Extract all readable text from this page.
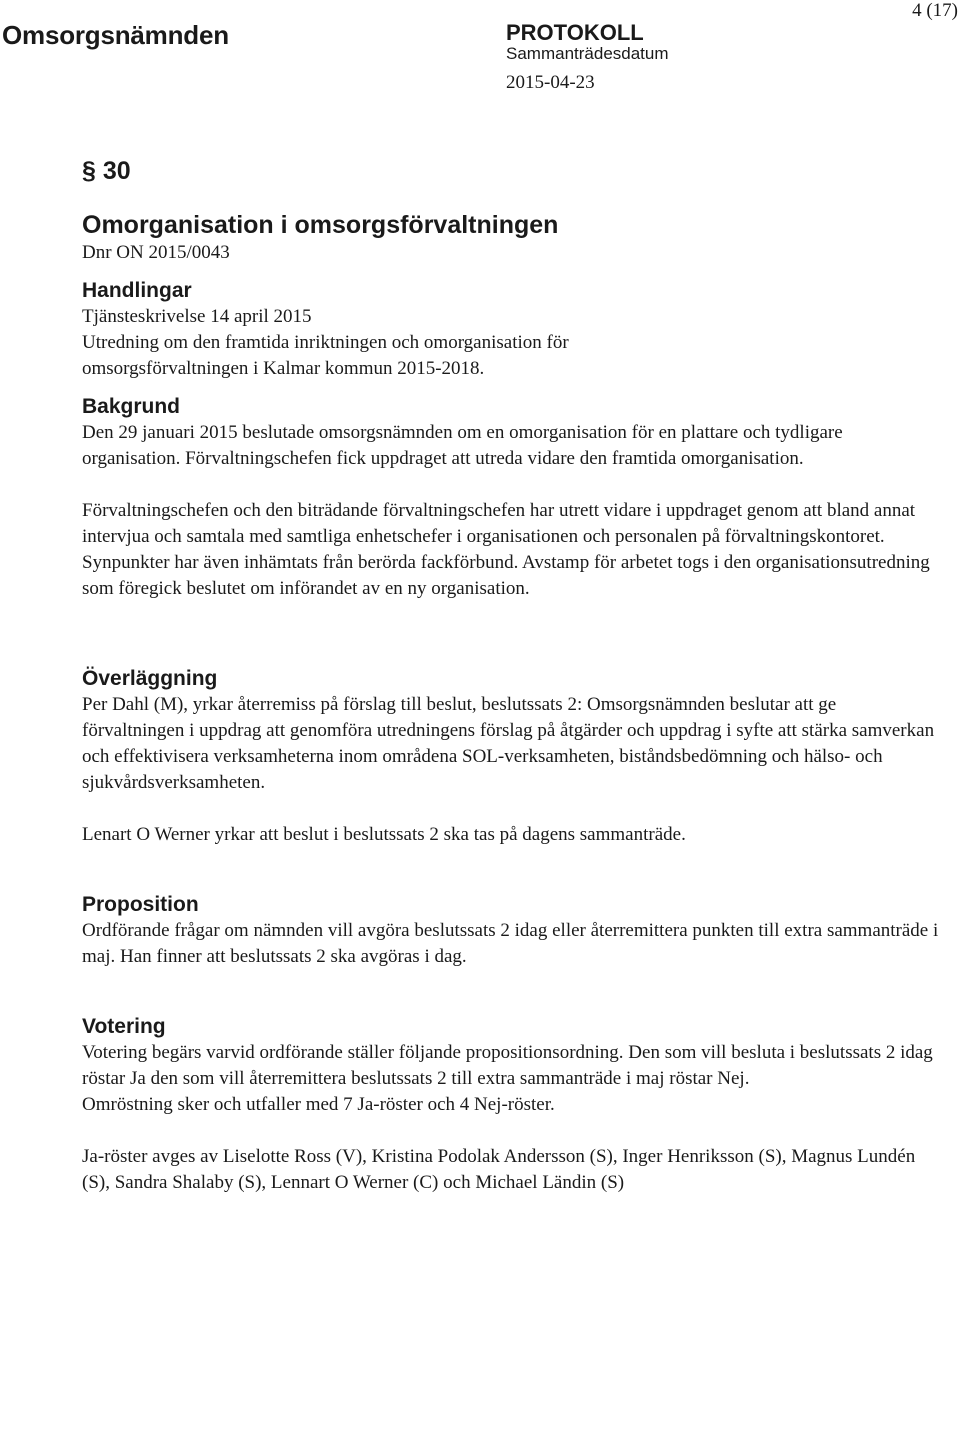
Omsorgsnämnden	PROTOKOLL
Sammanträdesdatum
2015-04-23
4 (17)
§ 30
Omorganisation i omsorgsförvaltningen
Dnr ON 2015/0043
Handlingar

Tjänsteskrivelse 14 april 2015

Utredning om den framtida inriktningen och omorganisation för

omsorgsförvaltningen i Kalmar kommun 2015-2018.

Bakgrund

Den 29 januari 2015 beslutade omsorgsnämnden om en omorganisation för en plattare och tydligare organisation. Förvaltningschefen fick uppdraget att utreda vidare den framtida omorganisation.

Förvaltningschefen och den biträdande förvaltningschefen har utrett vidare i uppdraget genom att bland annat intervjua och samtala med samtliga enhetschefer i organisationen och personalen på förvaltningskontoret. Synpunkter har även inhämtats från berörda fackförbund. Avstamp för arbetet togs i den organisationsutredning som föregick beslutet om införandet av en ny organisation.

Överläggning

Per Dahl (M), yrkar återremiss på förslag till beslut, beslutssats 2: Omsorgsnämnden beslutar att ge förvaltningen i uppdrag att genomföra utredningens förslag på åtgärder och uppdrag i syfte att stärka samverkan och effektivisera verksamheterna inom områdena SOL-verksamheten, biståndsbedömning och hälso- och sjukvårdsverksamheten.

Lenart O Werner yrkar att beslut i beslutssats 2 ska tas på dagens sammanträde.

Proposition

Ordförande frågar om nämnden vill avgöra beslutssats 2 idag eller återremittera punkten till extra sammanträde i maj. Han finner att beslutssats 2 ska avgöras i dag.

Votering

Votering begärs varvid ordförande ställer följande propositionsordning. Den som vill besluta i beslutssats 2 idag röstar Ja den som vill återremittera beslutssats 2 till extra sammanträde i maj röstar Nej.

Omröstning sker och utfaller med 7 Ja-röster och 4 Nej-röster.

Ja-röster avges av Liselotte Ross (V), Kristina Podolak Andersson (S), Inger Henriksson (S), Magnus Lundén (S), Sandra Shalaby (S), Lennart O Werner (C) och Michael Ländin (S)
